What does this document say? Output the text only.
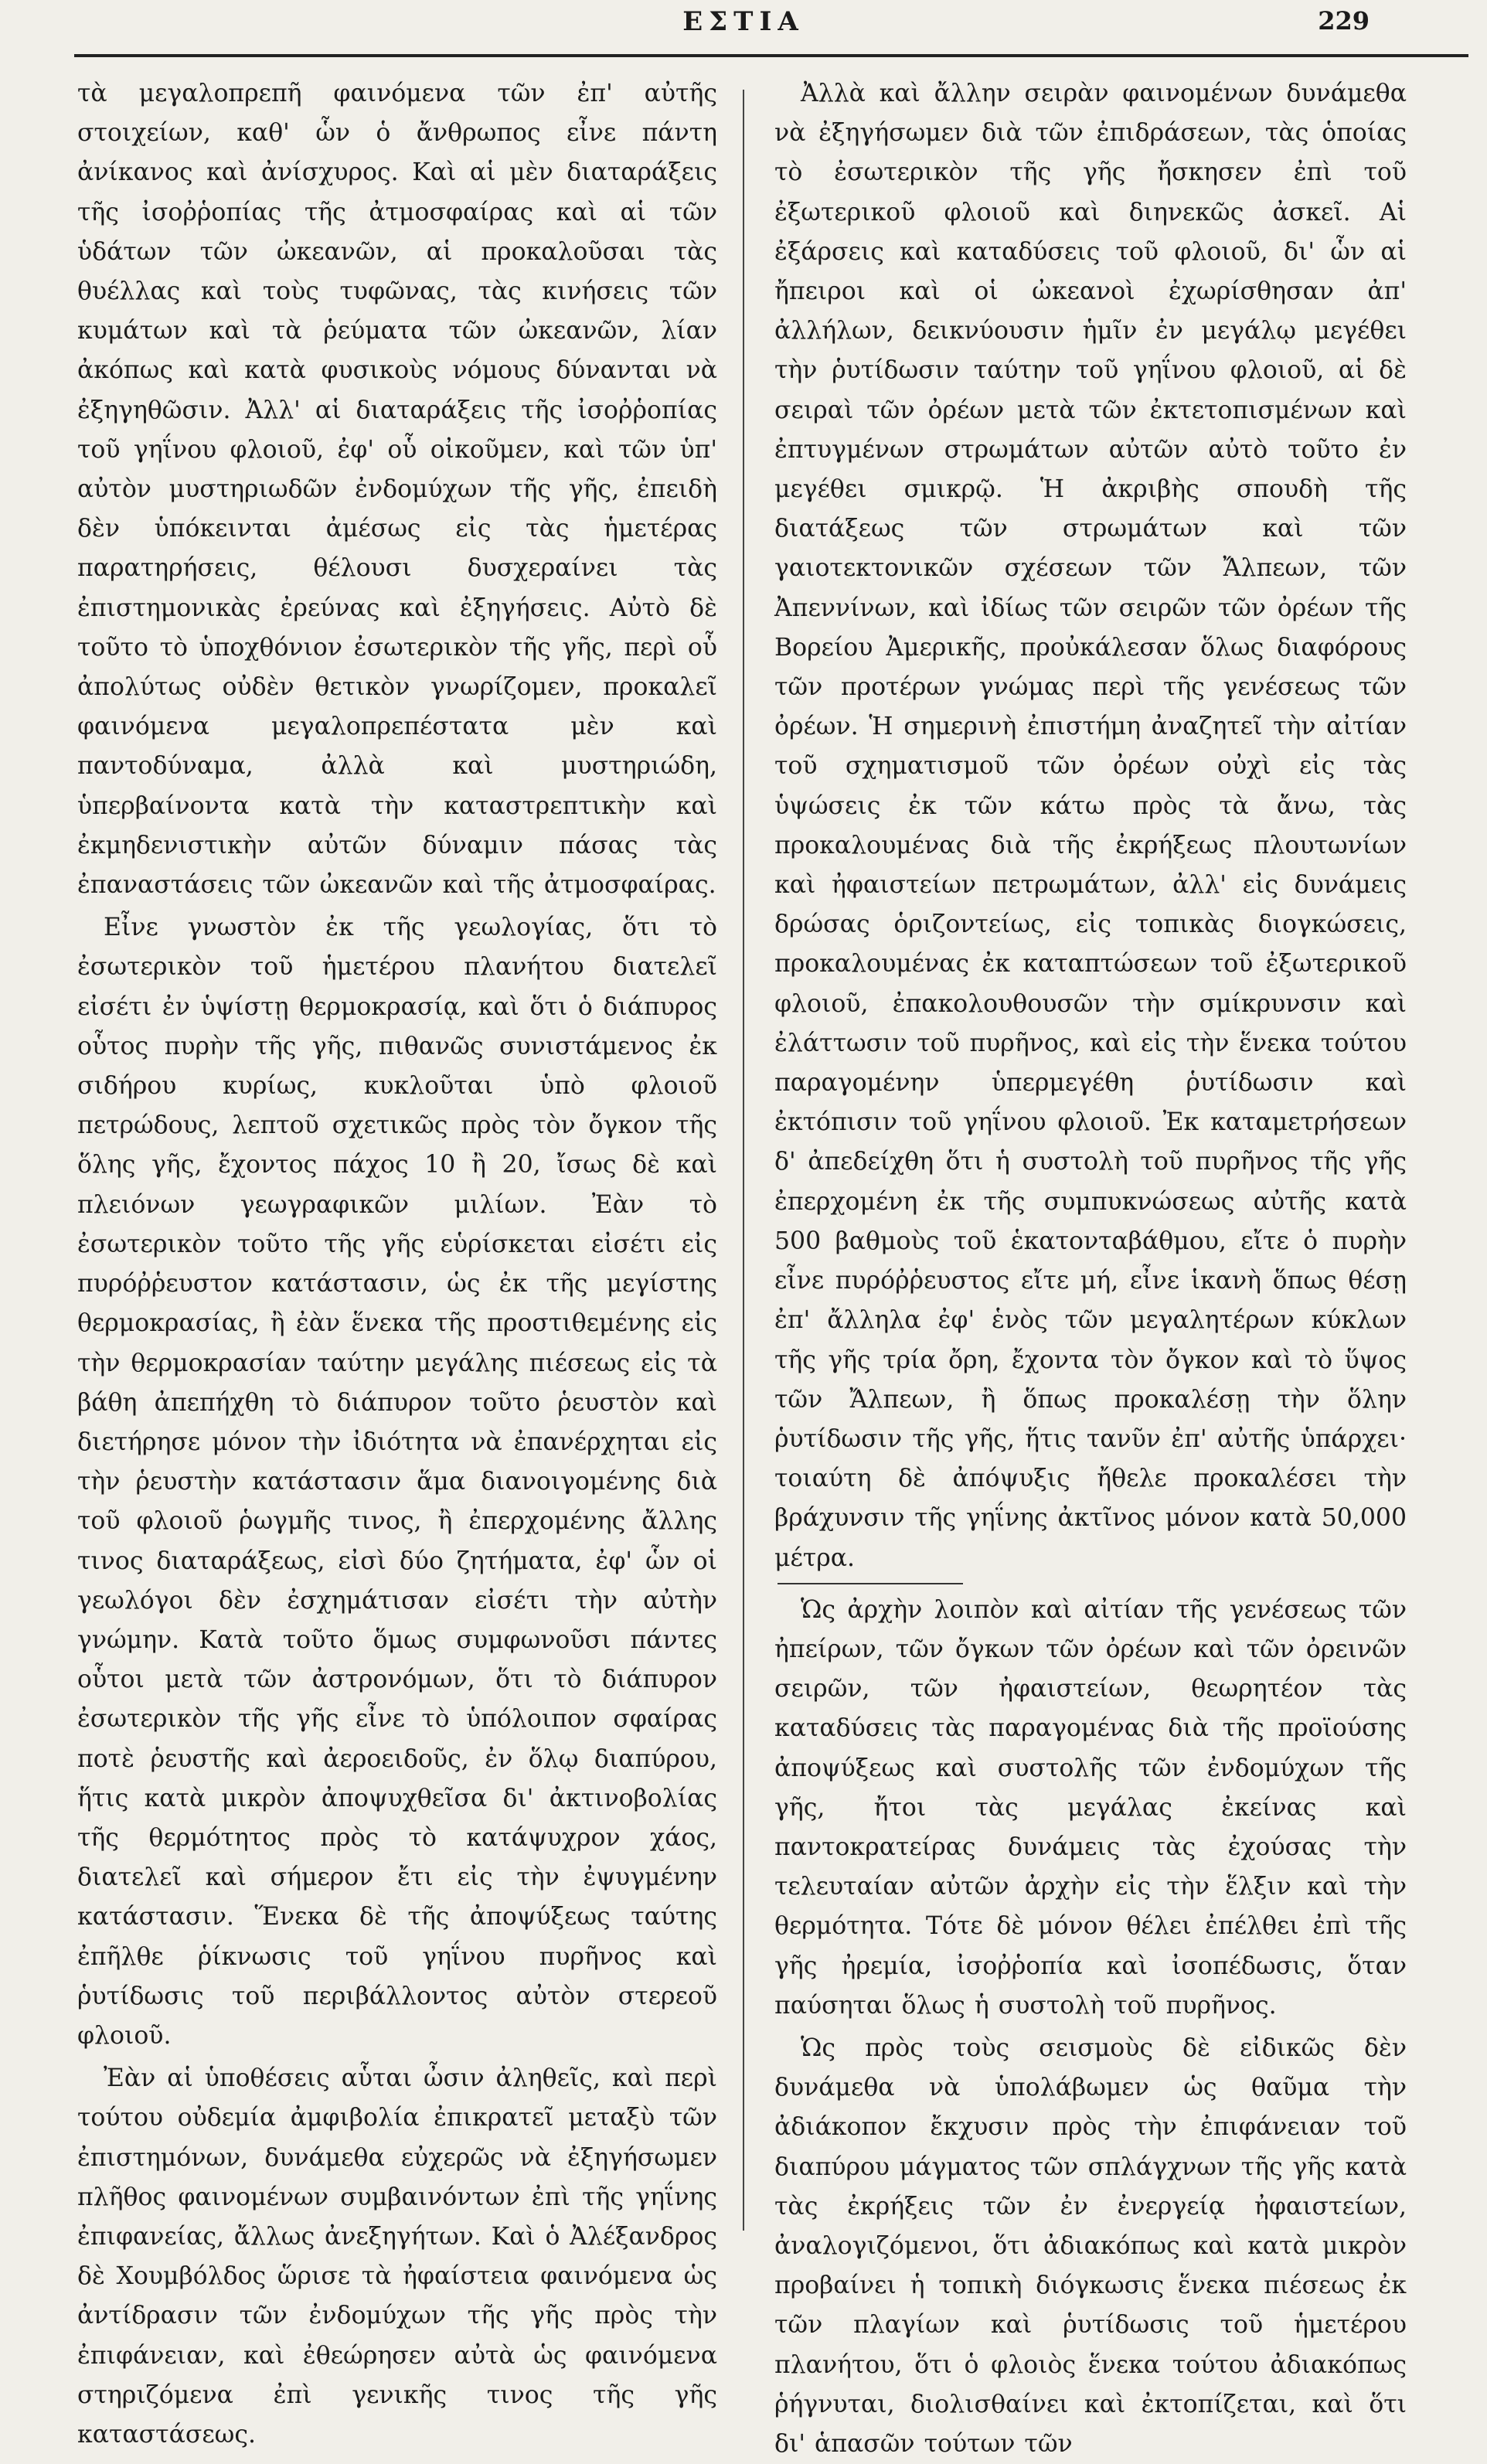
ΕΣΤΙΑ	229

τὰ μεγαλοπρεπῆ φαινόμενα τῶν ἐπ' αὐτῆς στοιχείων, καθ' ὧν ὁ ἄνθρωπος εἶνε πάντη ἀνίκανος καὶ ἀνίσχυρος. Καὶ αἱ μὲν διαταράξεις τῆς ἰσοῤῥοπίας τῆς ἀτμοσφαίρας καὶ αἱ τῶν ὑδάτων τῶν ὠκεανῶν, αἱ προκαλοῦσαι τὰς θυέλλας καὶ τοὺς τυφῶνας, τὰς κινήσεις τῶν κυμάτων καὶ τὰ ῥεύματα τῶν ὠκεανῶν, λίαν ἀκόπως καὶ κατὰ φυσικοὺς νόμους δύνανται νὰ ἐξηγηθῶσιν. Ἀλλ' αἱ διαταράξεις τῆς ἰσοῤῥοπίας τοῦ γηΐνου φλοιοῦ, ἐφ' οὗ οἰκοῦμεν, καὶ τῶν ὑπ' αὐτὸν μυστηριωδῶν ἐνδομύχων τῆς γῆς, ἐπειδὴ δὲν ὑπόκεινται ἀμέσως εἰς τὰς ἡμετέρας παρατηρήσεις, θέλουσι δυσχεραίνει τὰς ἐπιστημονικὰς ἐρεύνας καὶ ἐξηγήσεις. Αὐτὸ δὲ τοῦτο τὸ ὑποχθόνιον ἐσωτερικὸν τῆς γῆς, περὶ οὗ ἀπολύτως οὐδὲν θετικὸν γνωρίζομεν, προκαλεῖ φαινόμενα μεγαλοπρεπέστατα μὲν καὶ παντοδύναμα, ἀλλὰ καὶ μυστηριώδη, ὑπερβαίνοντα κατὰ τὴν καταστρεπτικὴν καὶ ἐκμηδενιστικὴν αὐτῶν δύναμιν πάσας τὰς ἐπαναστάσεις τῶν ὠκεανῶν καὶ τῆς ἀτμοσφαίρας.

Εἶνε γνωστὸν ἐκ τῆς γεωλογίας, ὅτι τὸ ἐσωτερικὸν τοῦ ἡμετέρου πλανήτου διατελεῖ εἰσέτι ἐν ὑψίστῃ θερμοκρασίᾳ, καὶ ὅτι ὁ διάπυρος οὗτος πυρὴν τῆς γῆς, πιθανῶς συνιστάμενος ἐκ σιδήρου κυρίως, κυκλοῦται ὑπὸ φλοιοῦ πετρώδους, λεπτοῦ σχετικῶς πρὸς τὸν ὄγκον τῆς ὅλης γῆς, ἔχοντος πάχος 10 ἢ 20, ἴσως δὲ καὶ πλειόνων γεωγραφικῶν μιλίων. Ἐὰν τὸ ἐσωτερικὸν τοῦτο τῆς γῆς εὑρίσκεται εἰσέτι εἰς πυρόῤῥευστον κατάστασιν, ὡς ἐκ τῆς μεγίστης θερμοκρασίας, ἢ ἐὰν ἕνεκα τῆς προστιθεμένης εἰς τὴν θερμοκρασίαν ταύτην μεγάλης πιέσεως εἰς τὰ βάθη ἀπεπήχθη τὸ διάπυρον τοῦτο ῥευστὸν καὶ διετήρησε μόνον τὴν ἰδιότητα νὰ ἐπανέρχηται εἰς τὴν ῥευστὴν κατάστασιν ἅμα διανοιγομένης διὰ τοῦ φλοιοῦ ῥωγμῆς τινος, ἢ ἐπερχομένης ἄλλης τινος διαταράξεως, εἰσὶ δύο ζητήματα, ἐφ' ὧν οἱ γεωλόγοι δὲν ἐσχημάτισαν εἰσέτι τὴν αὐτὴν γνώμην. Κατὰ τοῦτο ὅμως συμφωνοῦσι πάντες οὗτοι μετὰ τῶν ἀστρονόμων, ὅτι τὸ διάπυρον ἐσωτερικὸν τῆς γῆς εἶνε τὸ ὑπόλοιπον σφαίρας ποτὲ ῥευστῆς καὶ ἀεροειδοῦς, ἐν ὅλῳ διαπύρου, ἥτις κατὰ μικρὸν ἀποψυχθεῖσα δι' ἀκτινοβολίας τῆς θερμότητος πρὸς τὸ κατάψυχρον χάος, διατελεῖ καὶ σήμερον ἔτι εἰς τὴν ἐψυγμένην κατάστασιν. Ἕνεκα δὲ τῆς ἀποψύξεως ταύτης ἐπῆλθε ῥίκνωσις τοῦ γηΐνου πυρῆνος καὶ ῥυτίδωσις τοῦ περιβάλλοντος αὐτὸν στερεοῦ φλοιοῦ.

Ἐὰν αἱ ὑποθέσεις αὗται ὦσιν ἀληθεῖς, καὶ περὶ τούτου οὐδεμία ἀμφιβολία ἐπικρατεῖ μεταξὺ τῶν ἐπιστημόνων, δυνάμεθα εὐχερῶς νὰ ἐξηγήσωμεν πλῆθος φαινομένων συμβαινόντων ἐπὶ τῆς γηΐνης ἐπιφανείας, ἄλλως ἀνεξηγήτων. Καὶ ὁ Ἀλέξανδρος δὲ Χουμβόλδος ὥρισε τὰ ἠφαίστεια φαινόμενα ὡς ἀντίδρασιν τῶν ἐνδομύχων τῆς γῆς πρὸς τὴν ἐπιφάνειαν, καὶ ἐθεώρησεν αὐτὰ ὡς φαινόμενα στηριζόμενα ἐπὶ γενικῆς τινος τῆς γῆς καταστάσεως.

Ἀλλὰ καὶ ἄλλην σειρὰν φαινομένων δυνάμεθα νὰ ἐξηγήσωμεν διὰ τῶν ἐπιδράσεων, τὰς ὁποίας τὸ ἐσωτερικὸν τῆς γῆς ἤσκησεν ἐπὶ τοῦ ἐξωτερικοῦ φλοιοῦ καὶ διηνεκῶς ἀσκεῖ. Αἱ ἐξάρσεις καὶ καταδύσεις τοῦ φλοιοῦ, δι' ὧν αἱ ἤπειροι καὶ οἱ ὠκεανοὶ ἐχωρίσθησαν ἀπ' ἀλλήλων, δεικνύουσιν ἡμῖν ἐν μεγάλῳ μεγέθει τὴν ῥυτίδωσιν ταύτην τοῦ γηΐνου φλοιοῦ, αἱ δὲ σειραὶ τῶν ὀρέων μετὰ τῶν ἐκτετοπισμένων καὶ ἐπτυγμένων στρωμάτων αὐτῶν αὐτὸ τοῦτο ἐν μεγέθει σμικρῷ. Ἡ ἀκριβὴς σπουδὴ τῆς διατάξεως τῶν στρωμάτων καὶ τῶν γαιοτεκτονικῶν σχέσεων τῶν Ἄλπεων, τῶν Ἀπεννίνων, καὶ ἰδίως τῶν σειρῶν τῶν ὀρέων τῆς Βορείου Ἀμερικῆς, προὐκάλεσαν ὅλως διαφόρους τῶν προτέρων γνώμας περὶ τῆς γενέσεως τῶν ὀρέων. Ἡ σημερινὴ ἐπιστήμη ἀναζητεῖ τὴν αἰτίαν τοῦ σχηματισμοῦ τῶν ὀρέων οὐχὶ εἰς τὰς ὑψώσεις ἐκ τῶν κάτω πρὸς τὰ ἄνω, τὰς προκαλουμένας διὰ τῆς ἐκρήξεως πλουτωνίων καὶ ἠφαιστείων πετρωμάτων, ἀλλ' εἰς δυνάμεις δρώσας ὁριζοντείως, εἰς τοπικὰς διογκώσεις, προκαλουμένας ἐκ καταπτώσεων τοῦ ἐξωτερικοῦ φλοιοῦ, ἐπακολουθουσῶν τὴν σμίκρυνσιν καὶ ἐλάττωσιν τοῦ πυρῆνος, καὶ εἰς τὴν ἕνεκα τούτου παραγομένην ὑπερμεγέθη ῥυτίδωσιν καὶ ἐκτόπισιν τοῦ γηΐνου φλοιοῦ. Ἐκ καταμετρήσεων δ' ἀπεδείχθη ὅτι ἡ συστολὴ τοῦ πυρῆνος τῆς γῆς ἐπερχομένη ἐκ τῆς συμπυκνώσεως αὐτῆς κατὰ 500 βαθμοὺς τοῦ ἑκατονταβάθμου, εἴτε ὁ πυρὴν εἶνε πυρόῤῥευστος εἴτε μή, εἶνε ἱκανὴ ὅπως θέσῃ ἐπ' ἄλληλα ἐφ' ἑνὸς τῶν μεγαλητέρων κύκλων τῆς γῆς τρία ὄρη, ἔχοντα τὸν ὄγκον καὶ τὸ ὕψος τῶν Ἄλπεων, ἢ ὅπως προκαλέσῃ τὴν ὅλην ῥυτίδωσιν τῆς γῆς, ἥτις τανῦν ἐπ' αὐτῆς ὑπάρχει· τοιαύτη δὲ ἀπόψυξις ἤθελε προκαλέσει τὴν βράχυνσιν τῆς γηΐνης ἀκτῖνος μόνον κατὰ 50,000 μέτρα.

Ὡς ἀρχὴν λοιπὸν καὶ αἰτίαν τῆς γενέσεως τῶν ἠπείρων, τῶν ὄγκων τῶν ὀρέων καὶ τῶν ὀρεινῶν σειρῶν, τῶν ἠφαιστείων, θεωρητέον τὰς καταδύσεις τὰς παραγομένας διὰ τῆς προϊούσης ἀποψύξεως καὶ συστολῆς τῶν ἐνδομύχων τῆς γῆς, ἤτοι τὰς μεγάλας ἐκείνας καὶ παντοκρατείρας δυνάμεις τὰς ἐχούσας τὴν τελευταίαν αὐτῶν ἀρχὴν εἰς τὴν ἕλξιν καὶ τὴν θερμότητα. Τότε δὲ μόνον θέλει ἐπέλθει ἐπὶ τῆς γῆς ἠρεμία, ἰσοῤῥοπία καὶ ἰσοπέδωσις, ὅταν παύσηται ὅλως ἡ συστολὴ τοῦ πυρῆνος.

Ὡς πρὸς τοὺς σεισμοὺς δὲ εἰδικῶς δὲν δυνάμεθα νὰ ὑπολάβωμεν ὡς θαῦμα τὴν ἀδιάκοπον ἔκχυσιν πρὸς τὴν ἐπιφάνειαν τοῦ διαπύρου μάγματος τῶν σπλάγχνων τῆς γῆς κατὰ τὰς ἐκρήξεις τῶν ἐν ἐνεργείᾳ ἠφαιστείων, ἀναλογιζόμενοι, ὅτι ἀδιακόπως καὶ κατὰ μικρὸν προβαίνει ἡ τοπικὴ διόγκωσις ἕνεκα πιέσεως ἐκ τῶν πλαγίων καὶ ῥυτίδωσις τοῦ ἡμετέρου πλανήτου, ὅτι ὁ φλοιὸς ἕνεκα τούτου ἀδιακόπως ῥήγνυται, διολισθαίνει καὶ ἐκτοπίζεται, καὶ ὅτι δι' ἁπασῶν τούτων τῶν
